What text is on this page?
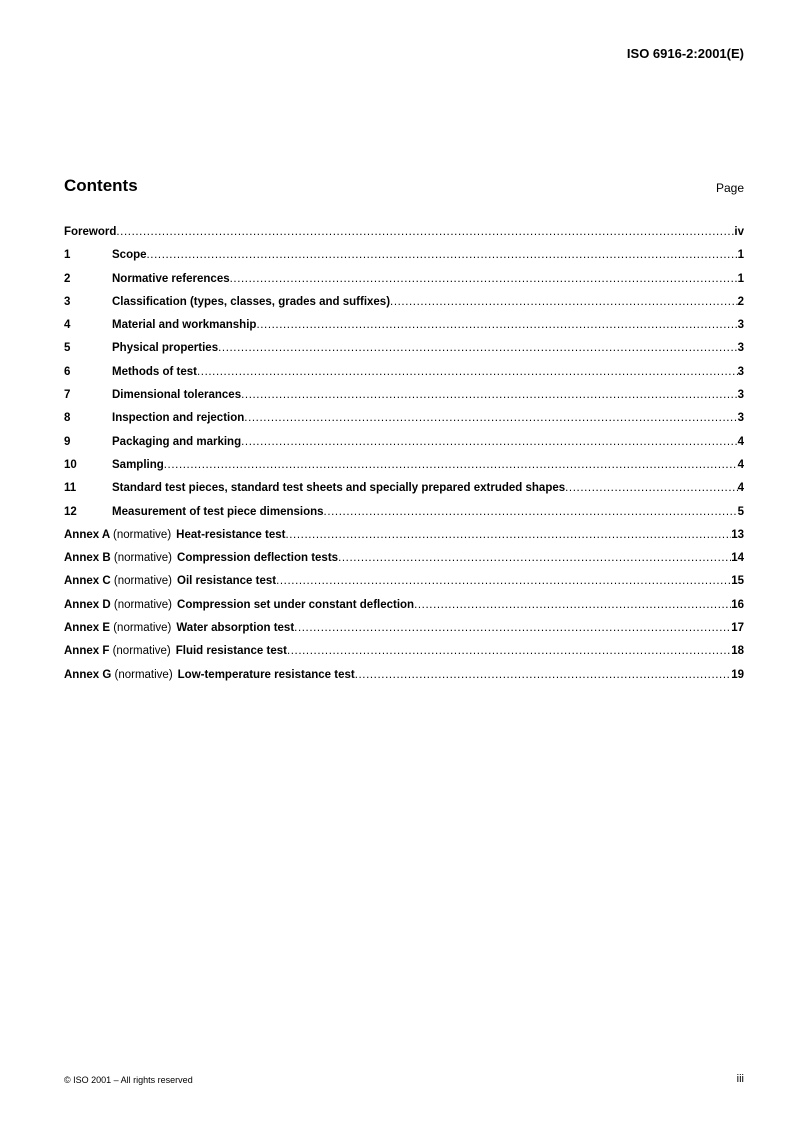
ISO 6916-2:2001(E)
Contents	Page
Foreword .....	iv
1	Scope .....	1
2	Normative references .....	1
3	Classification (types, classes, grades and suffixes) .....	2
4	Material and workmanship .....	3
5	Physical properties .....	3
6	Methods of test .....	3
7	Dimensional tolerances .....	3
8	Inspection and rejection .....	3
9	Packaging and marking .....	4
10	Sampling .....	4
11	Standard test pieces, standard test sheets and specially prepared extruded shapes .....	4
12	Measurement of test piece dimensions .....	5
Annex A (normative) Heat-resistance test .....	13
Annex B (normative) Compression deflection tests .....	14
Annex C (normative) Oil resistance test .....	15
Annex D (normative) Compression set under constant deflection .....	16
Annex E (normative) Water absorption test .....	17
Annex F (normative) Fluid resistance test .....	18
Annex G (normative) Low-temperature resistance test .....	19
© ISO 2001 – All rights reserved	iii
